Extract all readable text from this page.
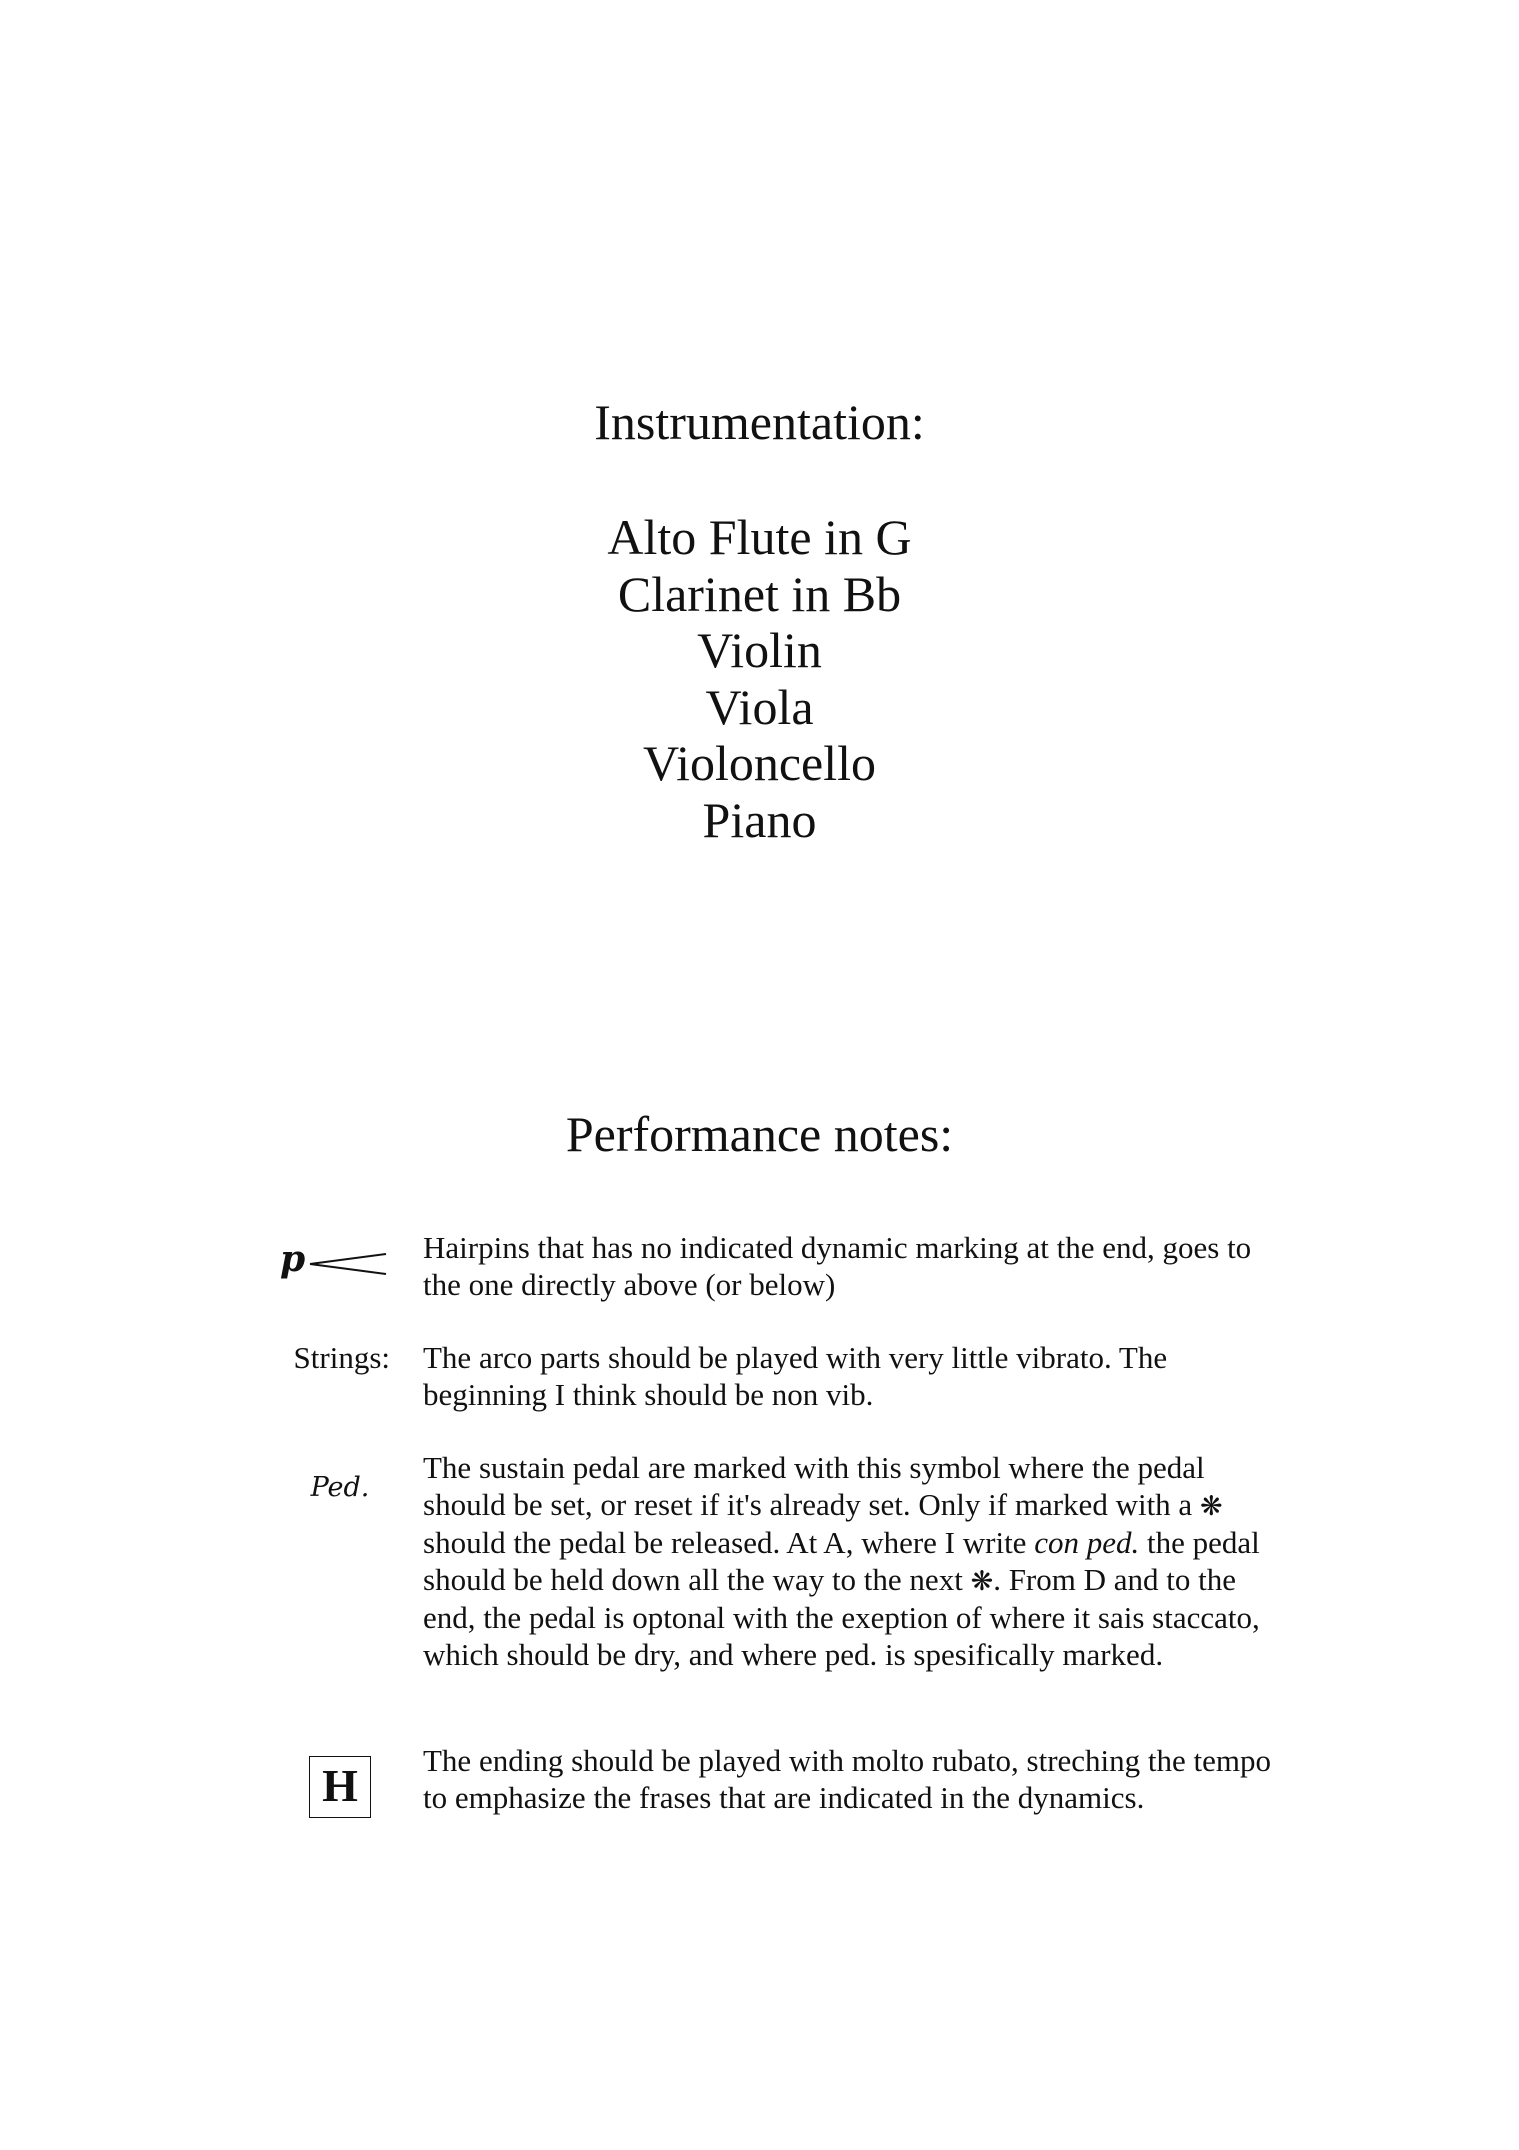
Instrumentation:
Alto Flute in G
Clarinet in Bb
Violin
Viola
Violoncello
Piano
Performance notes:
p	Hairpins that has no indicated dynamic marking at the end, goes to the one directly above (or below)

Strings: The arco parts should be played with very little vibrato. The beginning I think should be non vib.

Ped.

The sustain pedal are marked with this symbol where the pedal should be set, or reset if it's already set. Only if marked with a ❋ should the pedal be released. At A, where I write con ped. the pedal should be held down all the way to the next ❋. From D and to the end, the pedal is optonal with the exeption of where it sais staccato, which should be dry, and where ped. is spesifically marked.

H	The ending should be played with molto rubato, streching the tempo to emphasize the frases that are indicated in the dynamics.
